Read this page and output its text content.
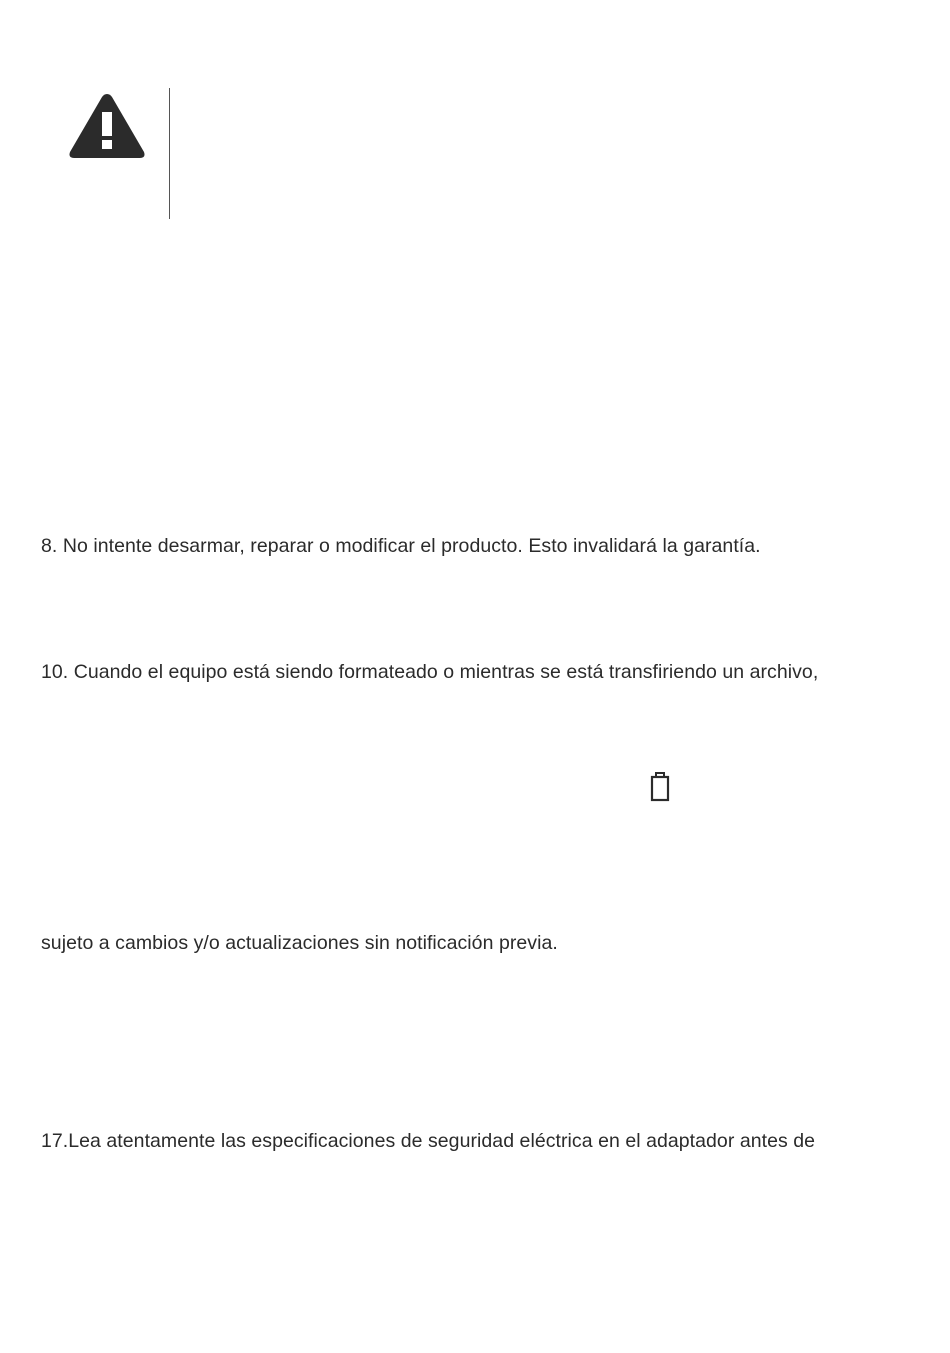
8. No intente desarmar, reparar o modificar el producto. Esto invalidará la garantía.
10. Cuando el equipo está siendo formateado o mientras se está transfiriendo un archivo,
sujeto a cambios y/o actualizaciones sin notificación previa.
17.Lea atentamente las especificaciones de seguridad eléctrica en el adaptador antes de
